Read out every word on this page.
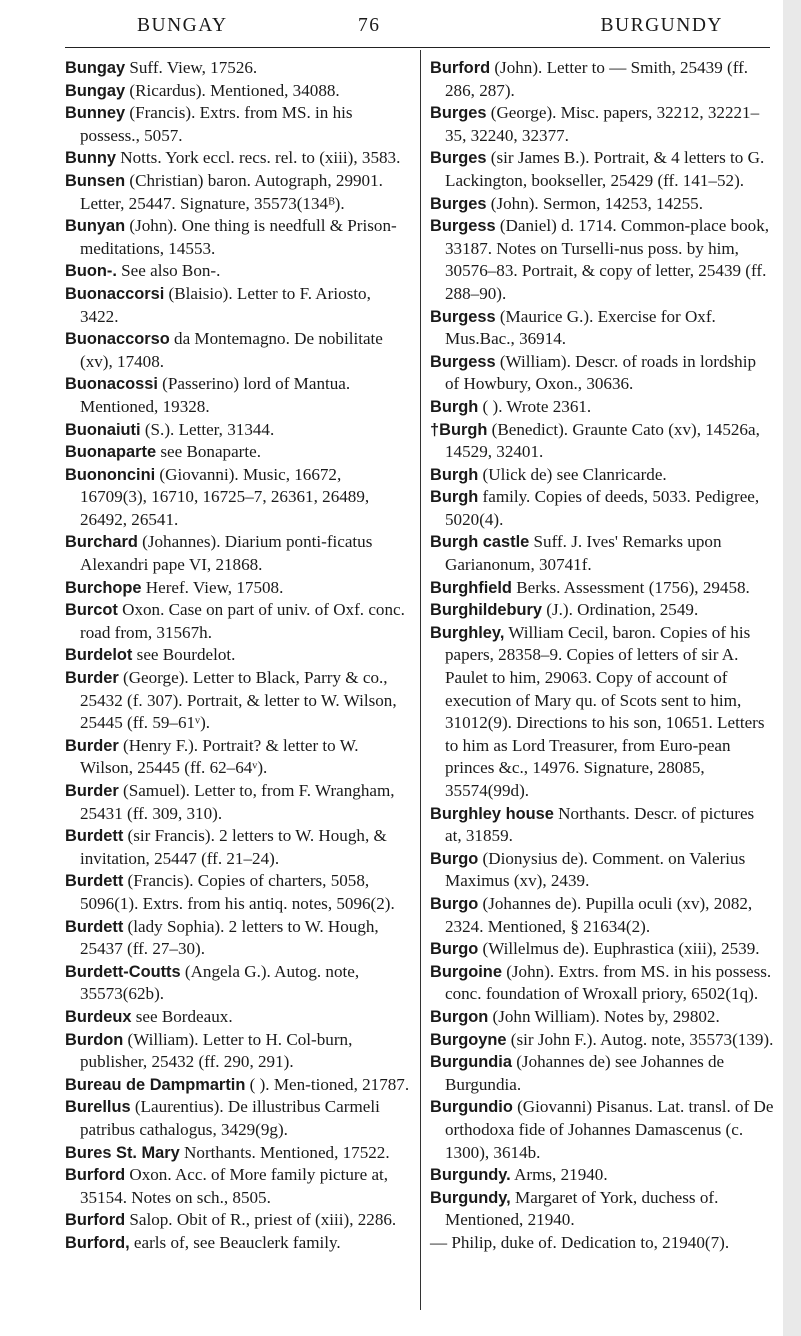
BUNGAY	76	BURGUNDY

Bungay Suff. View, 17526.

Bungay (Ricardus). Mentioned, 34088.

Bunney (Francis). Extrs. from MS. in his possess., 5057.

Bunny Notts. York eccl. recs. rel. to (xiii), 3583.

Bunsen (Christian) baron. Autograph, 29901. Letter, 25447. Signature, 35573(134ᴮ).

Bunyan (John). One thing is needfull & Prison-meditations, 14553.

Buon-. See also Bon-.

Buonaccorsi (Blaisio). Letter to F. Ariosto, 3422.

Buonaccorso da Montemagno. De nobilitate (xv), 17408.

Buonacossi (Passerino) lord of Mantua. Mentioned, 19328.

Buonaiuti (S.). Letter, 31344.

Buonaparte see Bonaparte.

Buononcini (Giovanni). Music, 16672, 16709(3), 16710, 16725–7, 26361, 26489, 26492, 26541.

Burchard (Johannes). Diarium ponti-ficatus Alexandri pape VI, 21868.

Burchope Heref. View, 17508.

Burcot Oxon. Case on part of univ. of Oxf. conc. road from, 31567h.

Burdelot see Bourdelot.

Burder (George). Letter to Black, Parry & co., 25432 (f. 307). Portrait, & letter to W. Wilson, 25445 (ff. 59–61ᵛ).

Burder (Henry F.). Portrait? & letter to W. Wilson, 25445 (ff. 62–64ᵛ).

Burder (Samuel). Letter to, from F. Wrangham, 25431 (ff. 309, 310).

Burdett (sir Francis). 2 letters to W. Hough, & invitation, 25447 (ff. 21–24).

Burdett (Francis). Copies of charters, 5058, 5096(1). Extrs. from his antiq. notes, 5096(2).

Burdett (lady Sophia). 2 letters to W. Hough, 25437 (ff. 27–30).

Burdett-Coutts (Angela G.). Autog. note, 35573(62b).

Burdeux see Bordeaux.

Burdon (William). Letter to H. Col-burn, publisher, 25432 (ff. 290, 291).

Bureau de Dampmartin ( ). Men-tioned, 21787.

Burellus (Laurentius). De illustribus Carmeli patribus cathalogus, 3429(9g).

Bures St. Mary Northants. Mentioned, 17522.

Burford Oxon. Acc. of More family picture at, 35154. Notes on sch., 8505.

Burford Salop. Obit of R., priest of (xiii), 2286.

Burford, earls of, see Beauclerk family.

Burford (John). Letter to — Smith, 25439 (ff. 286, 287).

Burges (George). Misc. papers, 32212, 32221–35, 32240, 32377.

Burges (sir James B.). Portrait, & 4 letters to G. Lackington, bookseller, 25429 (ff. 141–52).

Burges (John). Sermon, 14253, 14255.

Burgess (Daniel) d. 1714. Common-place book, 33187. Notes on Turselli-nus poss. by him, 30576–83. Portrait, & copy of letter, 25439 (ff. 288–90).

Burgess (Maurice G.). Exercise for Oxf. Mus.Bac., 36914.

Burgess (William). Descr. of roads in lordship of Howbury, Oxon., 30636.

Burgh ( ). Wrote 2361.

†Burgh (Benedict). Graunte Cato (xv), 14526a, 14529, 32401.

Burgh (Ulick de) see Clanricarde.

Burgh family. Copies of deeds, 5033. Pedigree, 5020(4).

Burgh castle Suff. J. Ives' Remarks upon Garianonum, 30741f.

Burghfield Berks. Assessment (1756), 29458.

Burghildebury (J.). Ordination, 2549.

Burghley, William Cecil, baron. Copies of his papers, 28358–9. Copies of letters of sir A. Paulet to him, 29063. Copy of account of execution of Mary qu. of Scots sent to him, 31012(9). Directions to his son, 10651. Letters to him as Lord Treasurer, from Euro-pean princes &c., 14976. Signature, 28085, 35574(99d).

Burghley house Northants. Descr. of pictures at, 31859.

Burgo (Dionysius de). Comment. on Valerius Maximus (xv), 2439.

Burgo (Johannes de). Pupilla oculi (xv), 2082, 2324. Mentioned, § 21634(2).

Burgo (Willelmus de). Euphrastica (xiii), 2539.

Burgoine (John). Extrs. from MS. in his possess. conc. foundation of Wroxall priory, 6502(1q).

Burgon (John William). Notes by, 29802.

Burgoyne (sir John F.). Autog. note, 35573(139).

Burgundia (Johannes de) see Johannes de Burgundia.

Burgundio (Giovanni) Pisanus. Lat. transl. of De orthodoxa fide of Johannes Damascenus (c. 1300), 3614b.

Burgundy. Arms, 21940.

Burgundy, Margaret of York, duchess of. Mentioned, 21940.

— Philip, duke of. Dedication to, 21940(7).
